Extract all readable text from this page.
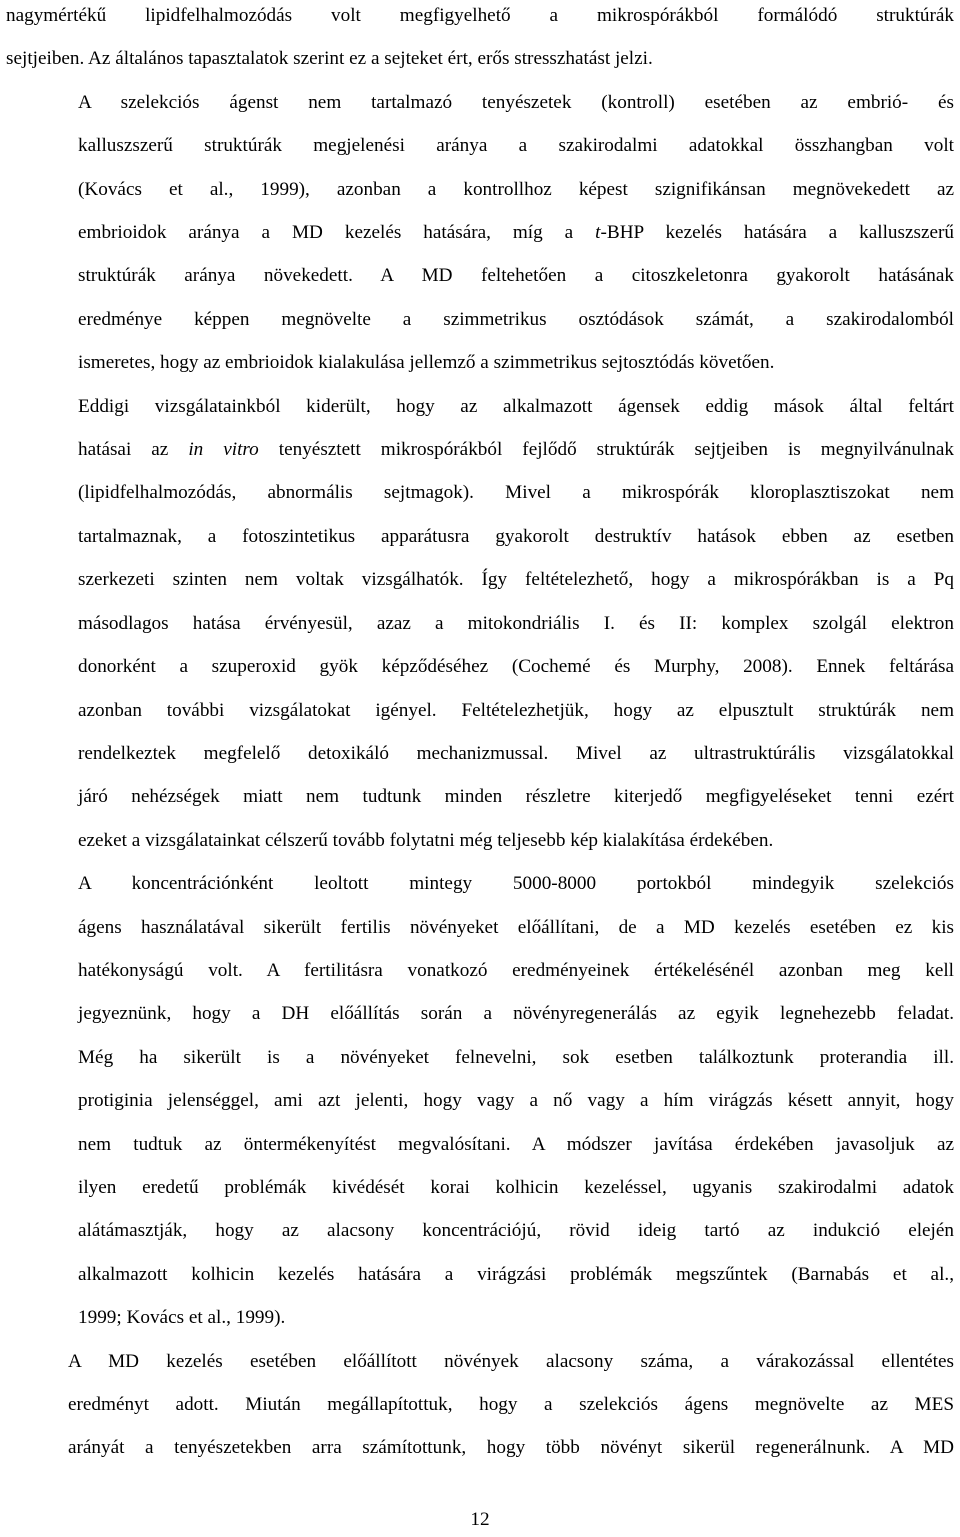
nagymértékű lipidfelhalmozódás volt megfigyelhető a mikrospórákból formálódó struktúrák
sejtjeiben. Az általános tapasztalatok szerint ez a sejteket ért, erős stresszhatást jelzi.

A szelekciós ágenst nem tartalmazó tenyészetek (kontroll) esetében az embrió- és
kalluszszerű struktúrák megjelenési aránya a szakirodalmi adatokkal összhangban volt
(Kovács et al., 1999), azonban a kontrollhoz képest szignifikánsan megnövekedett az
embrioidok aránya a MD kezelés hatására, míg a t-BHP kezelés hatására a kalluszszerű
struktúrák aránya növekedett. A MD feltehetően a citoszkeletonra gyakorolt hatásának
eredménye képpen megnövelte a szimmetrikus osztódások számát, a szakirodalomból
ismeretes, hogy az embrioidok kialakulása jellemző a szimmetrikus sejtosztódás követően.

Eddigi vizsgálatainkból kiderült, hogy az alkalmazott ágensek eddig mások által feltárt
hatásai az in vitro tenyésztett mikrospórákból fejlődő struktúrák sejtjeiben is megnyilvánulnak
(lipidfelhalmozódás, abnormális sejtmagok). Mivel a mikrospórák kloroplasztiszokat nem
tartalmaznak, a fotoszintetikus apparátusra gyakorolt destruktív hatások ebben az esetben
szerkezeti szinten nem voltak vizsgálhatók. Így feltételezhető, hogy a mikrospórákban is a Pq
másodlagos hatása érvényesül, azaz a mitokondriális I. és II: komplex szolgál elektron
donorként a szuperoxid gyök képződéséhez (Cochemé és Murphy, 2008). Ennek feltárása
azonban további vizsgálatokat igényel. Feltételezhetjük, hogy az elpusztult struktúrák nem
rendelkeztek megfelelő detoxikáló mechanizmussal. Mivel az ultrastruktúrális vizsgálatokkal
járó nehézségek miatt nem tudtunk minden részletre kiterjedő megfigyeléseket tenni ezért
ezeket a vizsgálatainkat célszerű tovább folytatni még teljesebb kép kialakítása érdekében.

A koncentrációnként leoltott mintegy 5000-8000 portokból mindegyik szelekciós
ágens használatával sikerült fertilis növényeket előállítani, de a MD kezelés esetében ez kis
hatékonyságú volt. A fertilitásra vonatkozó eredményeinek értékelésénél azonban meg kell
jegyeznünk, hogy a DH előállítás során a növényregenerálás az egyik legnehezebb feladat.
Még ha sikerült is a növényeket felnevelni, sok esetben találkoztunk proterandia ill.
protiginia jelenséggel, ami azt jelenti, hogy vagy a nő vagy a hím virágzás késett annyit, hogy
nem tudtuk az öntermékenyítést megvalósítani. A módszer javítása érdekében javasoljuk az
ilyen eredetű problémák kivédését korai kolhicin kezeléssel, ugyanis szakirodalmi adatok
alátámasztják, hogy az alacsony koncentrációjú, rövid ideig tartó az indukció elején
alkalmazott kolhicin kezelés hatására a virágzási problémák megszűntek (Barnabás et al.,
1999; Kovács et al., 1999).

A MD kezelés esetében előállított növények alacsony száma, a várakozással ellentétes
eredményt adott. Miután megállapítottuk, hogy a szelekciós ágens megnövelte az MES
arányát a tenyészetekben arra számítottunk, hogy több növényt sikerül regenerálnunk. A MD

12
